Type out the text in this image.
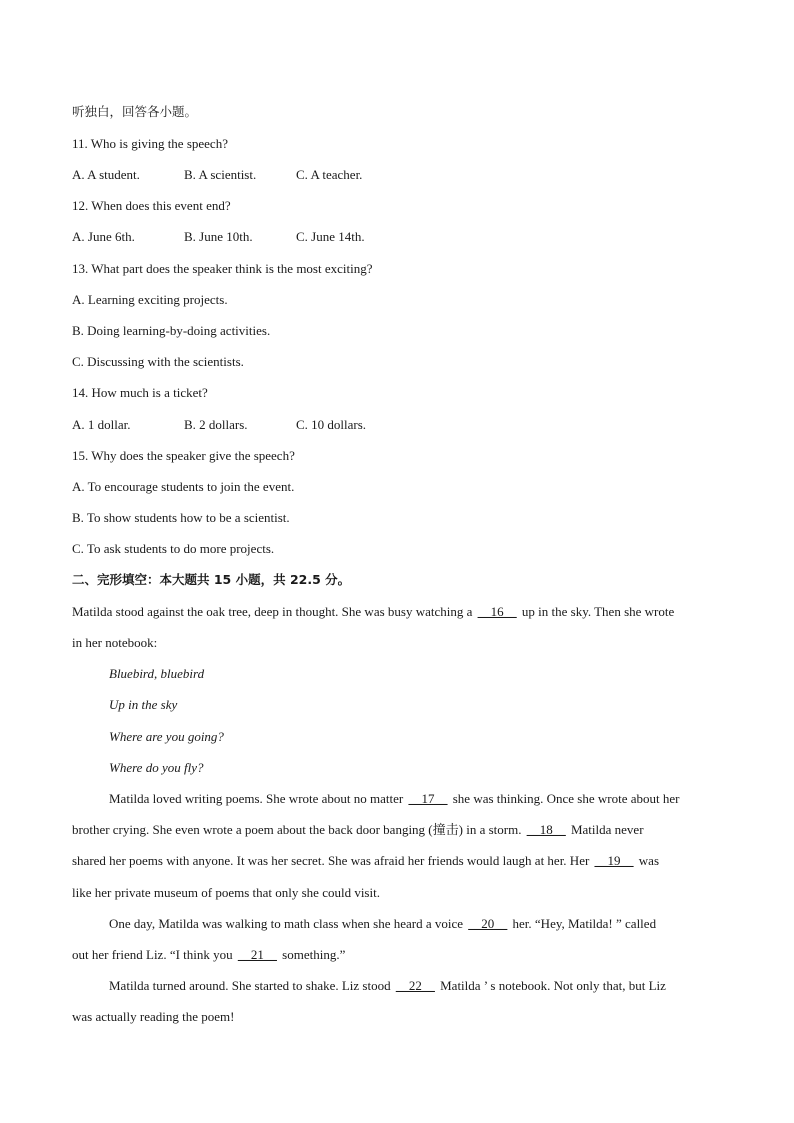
听独白，回答各小题。
11. Who is giving the speech?
A. A student.	B. A scientist.	C. A teacher.
12. When does this event end?
A. June 6th.	B. June 10th.	C. June 14th.
13. What part does the speaker think is the most exciting?
A. Learning exciting projects.
B. Doing learning-by-doing activities.
C. Discussing with the scientists.
14. How much is a ticket?
A. 1 dollar.	B. 2 dollars.	C. 10 dollars.
15. Why does the speaker give the speech?
A. To encourage students to join the event.
B. To show students how to be a scientist.
C. To ask students to do more projects.
二、完形填空：本大题共 15 小题，共 22.5 分。
Matilda stood against the oak tree, deep in thought. She was busy watching a __16__ up in the sky. Then she wrote
in her notebook:
Bluebird, bluebird
Up in the sky
Where are you going?
Where do you fly?
Matilda loved writing poems. She wrote about no matter __17__ she was thinking. Once she wrote about her
brother crying. She even wrote a poem about the back door banging (撞击) in a storm. __18__ Matilda never
shared her poems with anyone. It was her secret. She was afraid her friends would laugh at her. Her __19__ was
like her private museum of poems that only she could visit.
One day, Matilda was walking to math class when she heard a voice __20__ her. “Hey, Matilda! ” called
out her friend Liz. “I think you __21__ something.”
Matilda turned around. She started to shake. Liz stood __22__ Matilda ’ s notebook. Not only that, but Liz
was actually reading the poem!
